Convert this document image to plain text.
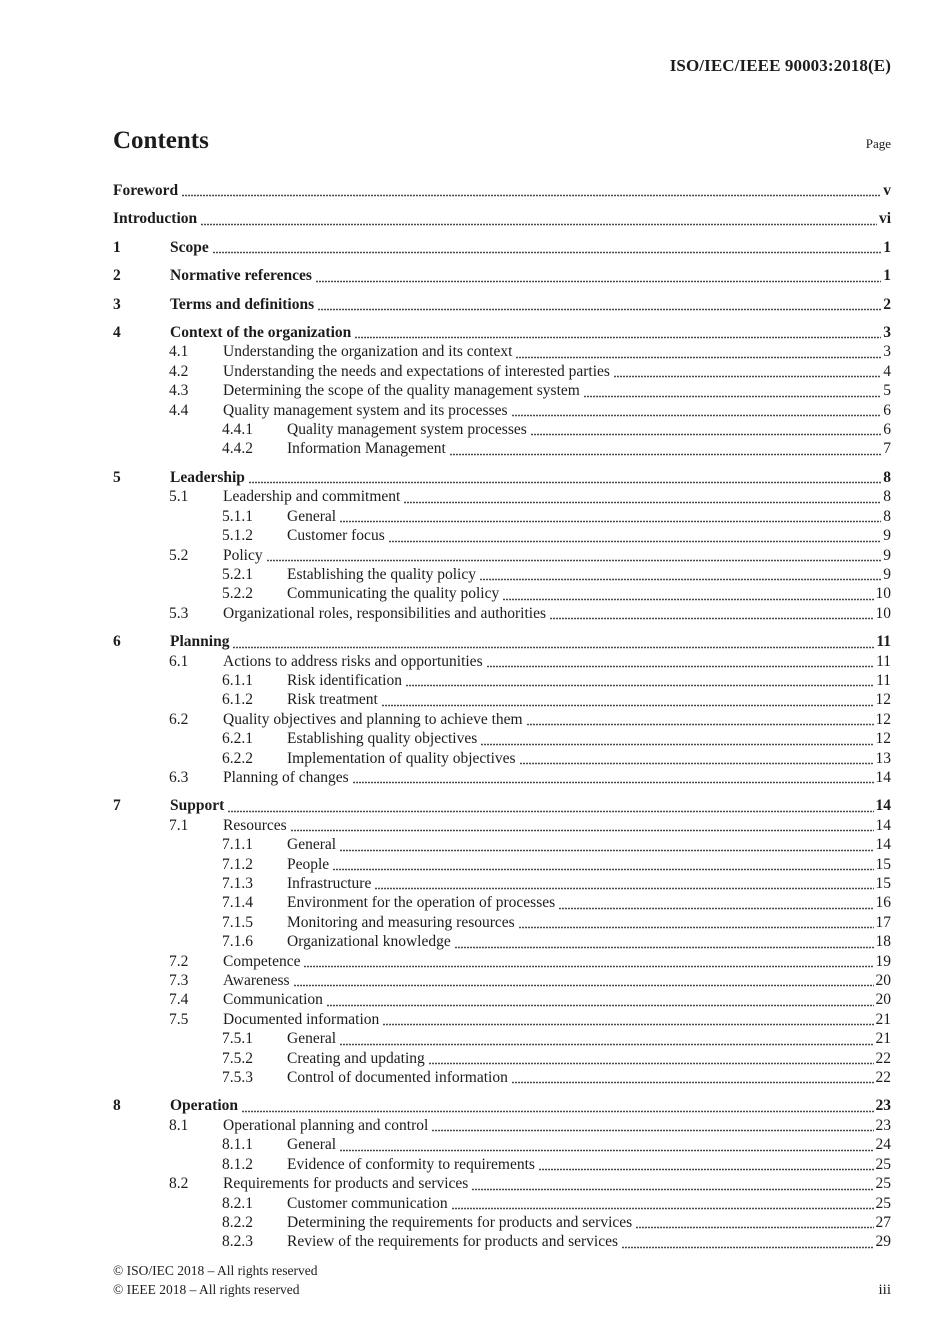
ISO/IEC/IEEE 90003:2018(E)
Contents	Page
Foreword	v
Introduction	vi
1	Scope	1
2	Normative references	1
3	Terms and definitions	2
4	Context of the organization	3
4.1	Understanding the organization and its context	3
4.2	Understanding the needs and expectations of interested parties	4
4.3	Determining the scope of the quality management system	5
4.4	Quality management system and its processes	6
4.4.1	Quality management system processes	6
4.4.2	Information Management	7
5	Leadership	8
5.1	Leadership and commitment	8
5.1.1	General	8
5.1.2	Customer focus	9
5.2	Policy	9
5.2.1	Establishing the quality policy	9
5.2.2	Communicating the quality policy	10
5.3	Organizational roles, responsibilities and authorities	10
6	Planning	11
6.1	Actions to address risks and opportunities	11
6.1.1	Risk identification	11
6.1.2	Risk treatment	12
6.2	Quality objectives and planning to achieve them	12
6.2.1	Establishing quality objectives	12
6.2.2	Implementation of quality objectives	13
6.3	Planning of changes	14
7	Support	14
7.1	Resources	14
7.1.1	General	14
7.1.2	People	15
7.1.3	Infrastructure	15
7.1.4	Environment for the operation of processes	16
7.1.5	Monitoring and measuring resources	17
7.1.6	Organizational knowledge	18
7.2	Competence	19
7.3	Awareness	20
7.4	Communication	20
7.5	Documented information	21
7.5.1	General	21
7.5.2	Creating and updating	22
7.5.3	Control of documented information	22
8	Operation	23
8.1	Operational planning and control	23
8.1.1	General	24
8.1.2	Evidence of conformity to requirements	25
8.2	Requirements for products and services	25
8.2.1	Customer communication	25
8.2.2	Determining the requirements for products and services	27
8.2.3	Review of the requirements for products and services	29
© ISO/IEC 2018 – All rights reserved
© IEEE 2018 – All rights reserved	iii
